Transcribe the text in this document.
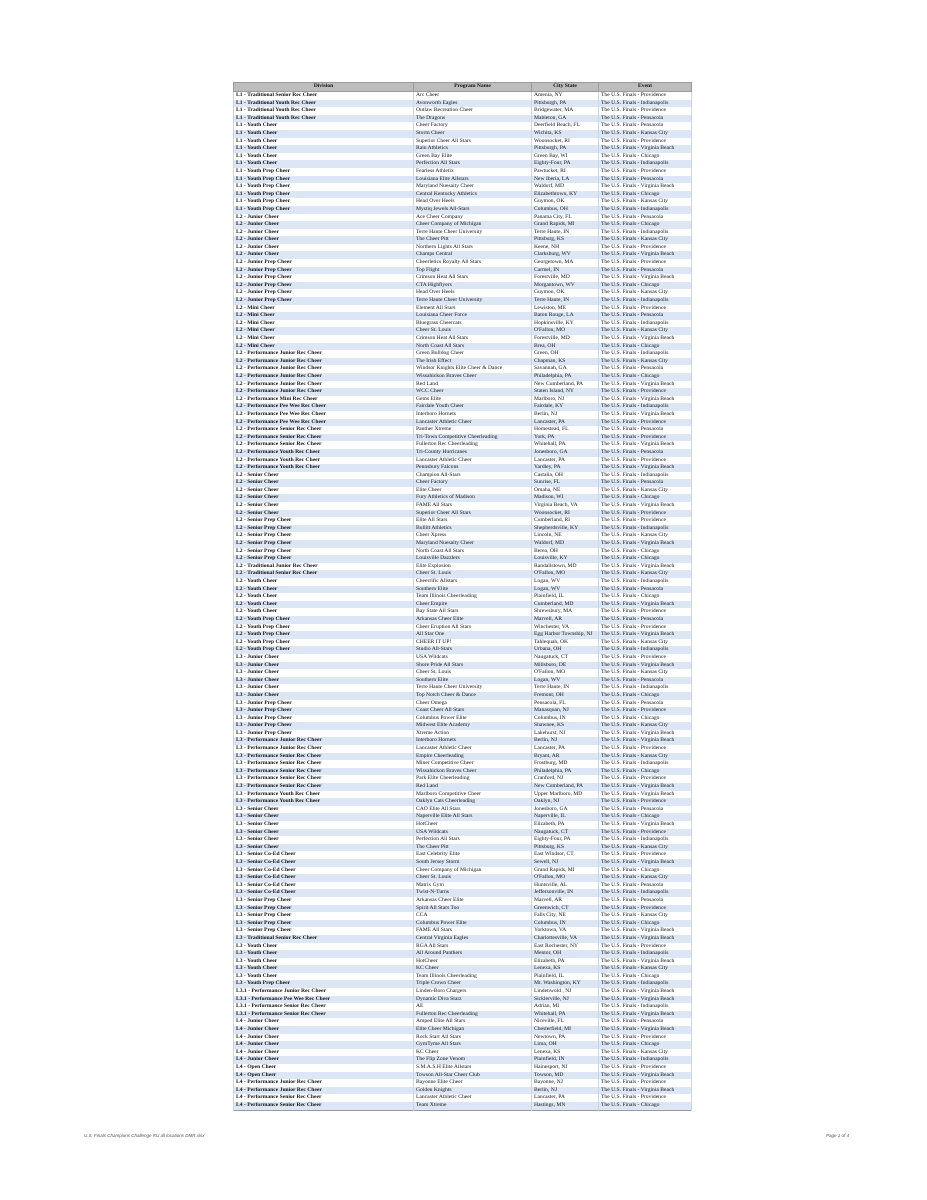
Division	Program Name	City State	Event
L1 - Traditional Senior Rec Cheer	Arc Cheer	Amenia, NY	The U.S. Finals - Providence
L1 - Traditional Youth Rec Cheer	Avonworth Eagles	Pittsburgh, PA	The U.S. Finals - Indianapolis
L1 - Traditional Youth Rec Cheer	Outlaw Recreation Cheer	Bridgewater, MA	The U.S. Finals - Providence
L1 - Traditional Youth Rec Cheer	The Dragons	Mableton, GA	The U.S. Finals - Pensacola
L1 - Youth Cheer	Cheer Factory	Deerfield Beach, FL	The U.S. Finals - Pensacola
L1 - Youth Cheer	Storm Cheer	Wichita, KS	The U.S. Finals - Kansas City
L1 - Youth Cheer	Superior Cheer All Stars	Woonsocket, RI	The U.S. Finals - Providence
L1 - Youth Cheer	Rain Athletics	Pittsburgh, PA	The U.S. Finals - Virginia Beach
L1 - Youth Cheer	Green Bay Elite	Green Bay, WI	The U.S. Finals - Chicago
L1 - Youth Cheer	Perfection All Stars	Eighty-Four, PA	The U.S. Finals - Indianapolis
L1 - Youth Prep Cheer	Fearless Athletix	Pawtucket, RI	The U.S. Finals - Providence
L1 - Youth Prep Cheer	Louisiana Elite Allstars	New Iberia, LA	The U.S. Finals - Pensacola
L1 - Youth Prep Cheer	Maryland Nuesaity Cheer	Waldorf, MD	The U.S. Finals - Virginia Beach
L1 - Youth Prep Cheer	Central Kentucky Athletics	Elizabethtown, KY	The U.S. Finals - Chicago
L1 - Youth Prep Cheer	Head Over Heels	Guymon, OK	The U.S. Finals - Kansas City
L1 - Youth Prep Cheer	Mystiq Jewels All-Stars	Columbus, OH	The U.S. Finals - Indianapolis
L2 - Junior Cheer	Ace Cheer Company	Panama City, FL	The U.S. Finals - Pensacola
L2 - Junior Cheer	Cheer Company of Michigan	Grand Rapids, MI	The U.S. Finals - Chicago
L2 - Junior Cheer	Terre Haute Cheer University	Terre Haute, IN	The U.S. Finals - Indianapolis
L2 - Junior Cheer	The Cheer Pitt	Pittsburg, KS	The U.S. Finals - Kansas City
L2 - Junior Cheer	Northern Lights All Stars	Keene, NH	The U.S. Finals - Providence
L2 - Junior Cheer	Champs Central	Clarksburg, WV	The U.S. Finals - Virginia Beach
L2 - Junior Prep Cheer	Cheerletics Royalty All Stars	Georgetown, MA	The U.S. Finals - Providence
L2 - Junior Prep Cheer	Top Flight	Carmel, IN	The U.S. Finals - Pensacola
L2 - Junior Prep Cheer	Crimson Heat All Stars	Forestville, MD	The U.S. Finals - Virginia Beach
L2 - Junior Prep Cheer	CTA Highflyers	Morgantown, WV	The U.S. Finals - Chicago
L2 - Junior Prep Cheer	Head Over Heels	Guymon, OK	The U.S. Finals - Kansas City
L2 - Junior Prep Cheer	Terre Haute Cheer University	Terre Haute, IN	The U.S. Finals - Indianapolis
L2 - Mini Cheer	Element All Stars	Lewiston, ME	The U.S. Finals - Providence
L2 - Mini Cheer	Louisiana Cheer Force	Baton Rouge, LA	The U.S. Finals - Pensacola
L2 - Mini Cheer	Bluegrass Cheercats	Hopkinsville, KY	The U.S. Finals - Indianapolis
L2 - Mini Cheer	Cheer St. Louis	O'Fallon, MO	The U.S. Finals - Kansas City
L2 - Mini Cheer	Crimson Heat All Stars	Forestville, MD	The U.S. Finals - Virginia Beach
L2 - Mini Cheer	North Coast All Stars	Brea, OH	The U.S. Finals - Chicago
L2 - Performance Junior Rec Cheer	Green Bulldog Cheer	Green, OH	The U.S. Finals - Indianapolis
L2 - Performance Junior Rec Cheer	The Irish Effect	Chapman, KS	The U.S. Finals - Kansas City
L2 - Performance Junior Rec Cheer	Windsor Knights Elite Cheer & Dance	Savannah, GA	The U.S. Finals - Pensacola
L2 - Performance Junior Rec Cheer	Wissahickon Braves Cheer	Philadelphia, PA	The U.S. Finals - Chicago
L2 - Performance Junior Rec Cheer	Red Land	New Cumberland, PA	The U.S. Finals - Virginia Beach
L2 - Performance Junior Rec Cheer	WCC Cheer	Staten Island, NY	The U.S. Finals - Providence
L2 - Performance Mini Rec Cheer	Gems Elite	Marlboro, NJ	The U.S. Finals - Virginia Beach
L2 - Performance Pee Wee Rec Cheer	Fairdale Youth Cheer	Fairdale, KY	The U.S. Finals - Indianapolis
L2 - Performance Pee Wee Rec Cheer	Interboro Hornets	Berlin, NJ	The U.S. Finals - Virginia Beach
L2 - Performance Pee Wee Rec Cheer	Lancaster Athletic Cheer	Lancaster, PA	The U.S. Finals - Providence
L2 - Performance Senior Rec Cheer	Panther Xtreme	Homestead, FL	The U.S. Finals - Pensacola
L2 - Performance Senior Rec Cheer	Tri-Town Competitive Cheerleading	York, PA	The U.S. Finals - Providence
L2 - Performance Senior Rec Cheer	Fullerton Rec Cheerleading	Whitehall, PA	The U.S. Finals - Virginia Beach
L2 - Performance Youth Rec Cheer	Tri-County Hurricanes	Jonesboro, GA	The U.S. Finals - Pensacola
L2 - Performance Youth Rec Cheer	Lancaster Athletic Cheer	Lancaster, PA	The U.S. Finals - Providence
L2 - Performance Youth Rec Cheer	Pennsbury Falcons	Yardley, PA	The U.S. Finals - Virginia Beach
L2 - Senior Cheer	Champion All-Stars	Castalia, OH	The U.S. Finals - Indianapolis
L2 - Senior Cheer	Cheer Factory	Sunrise, FL	The U.S. Finals - Pensacola
L2 - Senior Cheer	Elite Cheer	Omaha, NE	The U.S. Finals - Kansas City
L2 - Senior Cheer	Fury Athletics of Madison	Madison, WI	The U.S. Finals - Chicago
L2 - Senior Cheer	FAME All Stars	Virginia Beach, VA	The U.S. Finals - Virginia Beach
L2 - Senior Cheer	Superior Cheer All Stars	Woonsocket, RI	The U.S. Finals - Providence
L2 - Senior Prep Cheer	Elite All Stars	Cumberland, RI	The U.S. Finals - Providence
L2 - Senior Prep Cheer	Bullitt Athletics	Shepherdsville, KY	The U.S. Finals - Indianapolis
L2 - Senior Prep Cheer	Cheer Xpress	Lincoln, NE	The U.S. Finals - Kansas City
L2 - Senior Prep Cheer	Maryland Nuesaity Cheer	Waldorf, MD	The U.S. Finals - Virginia Beach
L2 - Senior Prep Cheer	North Coast All Stars	Berea, OH	The U.S. Finals - Chicago
L2 - Senior Prep Cheer	Louisville Dazzlers	Louisville, KY	The U.S. Finals - Chicago
L2 - Traditional Junior Rec Cheer	Elite Explosion	Randallstown, MD	The U.S. Finals - Virginia Beach
L2 - Traditional Senior Rec Cheer	Cheer St. Louis	O'Fallon, MO	The U.S. Finals - Kansas City
L2 - Youth Cheer	Cheerrific Allstars	Logan, WV	The U.S. Finals - Indianapolis
L2 - Youth Cheer	Southern Elite	Logan, WV	The U.S. Finals - Pensacola
L2 - Youth Cheer	Team Illinois Cheerleading	Plainfield, IL	The U.S. Finals - Chicago
L2 - Youth Cheer	Cheer Empire	Cumberland, MD	The U.S. Finals - Virginia Beach
L2 - Youth Cheer	Bay State All Stars	Shrewsbury, MA	The U.S. Finals - Providence
L2 - Youth Prep Cheer	Arkansas Cheer Elite	Marvell, AR	The U.S. Finals - Pensacola
L2 - Youth Prep Cheer	Cheer Eruption All Stars	Winchester, VA	The U.S. Finals - Providence
L2 - Youth Prep Cheer	All Star One	Egg Harbor Township, NJ	The U.S. Finals - Virginia Beach
L2 - Youth Prep Cheer	CHEER IT UP!	Tahlequah, OK	The U.S. Finals - Kansas City
L2 - Youth Prep Cheer	Studio All-Stars	Urbana, OH	The U.S. Finals - Indianapolis
L3 - Junior Cheer	USA Wildcats	Naugatuck, CT	The U.S. Finals - Providence
L3 - Junior Cheer	Shore Pride All Stars	Millsboro, DE	The U.S. Finals - Virginia Beach
L3 - Junior Cheer	Cheer St. Louis	O'Fallon, MO	The U.S. Finals - Kansas City
L3 - Junior Cheer	Southern Elite	Logan, WV	The U.S. Finals - Pensacola
L3 - Junior Cheer	Terre Haute Cheer University	Terre Haute, IN	The U.S. Finals - Indianapolis
L3 - Junior Cheer	Top Notch Cheer & Dance	Fremont, OH	The U.S. Finals - Chicago
L3 - Junior Prep Cheer	Cheer Omega	Pensacola, FL	The U.S. Finals - Pensacola
L3 - Junior Prep Cheer	Coast Cheer All Stars	Manasquan, NJ	The U.S. Finals - Providence
L3 - Junior Prep Cheer	Columbus Power Elite	Columbus, IN	The U.S. Finals - Chicago
L3 - Junior Prep Cheer	Midwest Elite Academy	Shawnee, KS	The U.S. Finals - Kansas City
L3 - Junior Prep Cheer	Xtreme Action	Lakehurst, NJ	The U.S. Finals - Virginia Beach
L3 - Performance Junior Rec Cheer	Interboro Hornets	Berlin, NJ	The U.S. Finals - Virginia Beach
L3 - Performance Junior Rec Cheer	Lancaster Athletic Cheer	Lancaster, PA	The U.S. Finals - Providence
L3 - Performance Senior Rec Cheer	Empire Cheerleading	Bryant, AR	The U.S. Finals - Kansas City
L3 - Performance Senior Rec Cheer	Miner Competitive Cheer	Frostburg, MD	The U.S. Finals - Indianapolis
L3 - Performance Senior Rec Cheer	Wissahickon Braves Cheer	Philadelphia, PA	The U.S. Finals - Chicago
L3 - Performance Senior Rec Cheer	Park Elite Cheerleading	Cranford, NJ	The U.S. Finals - Providence
L3 - Performance Senior Rec Cheer	Red Land	New Cumberland, PA	The U.S. Finals - Virginia Beach
L3 - Performance Youth Rec Cheer	Marlboro Competitive Cheer	Upper Marlboro, MD	The U.S. Finals - Virginia Beach
L3 - Performance Youth Rec Cheer	Oaklyn Cats Cheerleading	Oaklyn, NJ	The U.S. Finals - Providence
L3 - Senior Cheer	CAO Elite All Stars	Jonesboro, GA	The U.S. Finals - Pensacola
L3 - Senior Cheer	Naperville Elite All Stars	Naperville, IL	The U.S. Finals - Chicago
L3 - Senior Cheer	HotCheer	Elizabeth, PA	The U.S. Finals - Virginia Beach
L3 - Senior Cheer	USA Wildcats	Naugatuck, CT	The U.S. Finals - Providence
L3 - Senior Cheer	Perfection All Stars	Eighty-Four, PA	The U.S. Finals - Indianapolis
L3 - Senior Cheer	The Cheer Pitt	Pittsburg, KS	The U.S. Finals - Kansas City
L3 - Senior Co-Ed Cheer	East Celebrity Elite	East Windsor, CT	The U.S. Finals - Providence
L3 - Senior Co-Ed Cheer	South Jersey Storm	Sewell, NJ	The U.S. Finals - Virginia Beach
L3 - Senior Co-Ed Cheer	Cheer Company of Michigan	Grand Rapids, MI	The U.S. Finals - Chicago
L3 - Senior Co-Ed Cheer	Cheer St. Louis	O'Fallon, MO	The U.S. Finals - Kansas City
L3 - Senior Co-Ed Cheer	Matrix Gym	Huntsville, AL	The U.S. Finals - Pensacola
L3 - Senior Co-Ed Cheer	Twist-N-Turns	Jeffersonville, IN	The U.S. Finals - Indianapolis
L3 - Senior Prep Cheer	Arkansas Cheer Elite	Marvell, AR	The U.S. Finals - Pensacola
L3 - Senior Prep Cheer	Spirit All Stars Too	Greenwich, CT	The U.S. Finals - Providence
L3 - Senior Prep Cheer	CCA	Falls City, NE	The U.S. Finals - Kansas City
L3 - Senior Prep Cheer	Columbus Power Elite	Columbus, IN	The U.S. Finals - Chicago
L3 - Senior Prep Cheer	FAME All Stars	Yorktown, VA	The U.S. Finals - Virginia Beach
L3 - Traditional Senior Rec Cheer	Central Virginia Eagles	Charlottesville, VA	The U.S. Finals - Virginia Beach
L3 - Youth Cheer	RGA All Stars	East Rochester, NY	The U.S. Finals - Providence
L3 - Youth Cheer	All Around Panthers	Mentor, OH	The U.S. Finals - Indianapolis
L3 - Youth Cheer	HotCheer	Elizabeth, PA	The U.S. Finals - Virginia Beach
L3 - Youth Cheer	KC Cheer	Lenexa, KS	The U.S. Finals - Kansas City
L3 - Youth Cheer	Team Illinois Cheerleading	Plainfield, IL	The U.S. Finals - Chicago
L3 - Youth Prep Cheer	Triple Crown Cheer	Mt. Washington, KY	The U.S. Finals - Indianapolis
L3.1 - Performance Junior Rec Cheer	Linden-Boro Chargers	Lindenwold , NJ	The U.S. Finals - Virginia Beach
L3.1 - Performance Pee Wee Rec Cheer	Dynamic Diva Starz	Sicklerville, NJ	The U.S. Finals - Virginia Beach
L3.1 - Performance Senior Rec Cheer	AE	Adrian, MI	The U.S. Finals - Indianapolis
L3.1 - Performance Senior Rec Cheer	Fullerton Rec Cheerleading	Whitehall, PA	The U.S. Finals - Virginia Beach
L4 - Junior Cheer	Amped Elite All Stars	Niceville, FL	The U.S. Finals - Pensacola
L4 - Junior Cheer	Elite Cheer Michigan	Chesterfield, MI	The U.S. Finals - Virginia Beach
L4 - Junior Cheer	Rock Starr All Stars	Newtown, PA	The U.S. Finals - Providence
L4 - Junior Cheer	GymTyme All Stars	Lima, OH	The U.S. Finals - Chicago
L4 - Junior Cheer	KC Cheer	Lenexa, KS	The U.S. Finals - Kansas City
L4 - Junior Cheer	The Flip Zone Venom	Plainfield, IN	The U.S. Finals - Indianapolis
L4 - Open Cheer	S.M.A.S.H Elite Allstars	Hainesport, NJ	The U.S. Finals - Providence
L4 - Open Cheer	Towson All-Star Cheer Club	Towson, MD	The U.S. Finals - Virginia Beach
L4 - Performance Junior Rec Cheer	Bayonne Elite Cheer	Bayonne, NJ	The U.S. Finals - Providence
L4 - Performance Junior Rec Cheer	Golden Knights	Berlin, NJ	The U.S. Finals - Virginia Beach
L4 - Performance Senior Rec Cheer	Lancaster Athletic Cheer	Lancaster, PA	The U.S. Finals - Providence
L4 - Performance Senior Rec Cheer	Team Xtreme	Hastings, MN	The U.S. Finals - Chicago
U.S. Finals Champions Challenge RU all locations DMR.xlsx	Page 1 of 4
